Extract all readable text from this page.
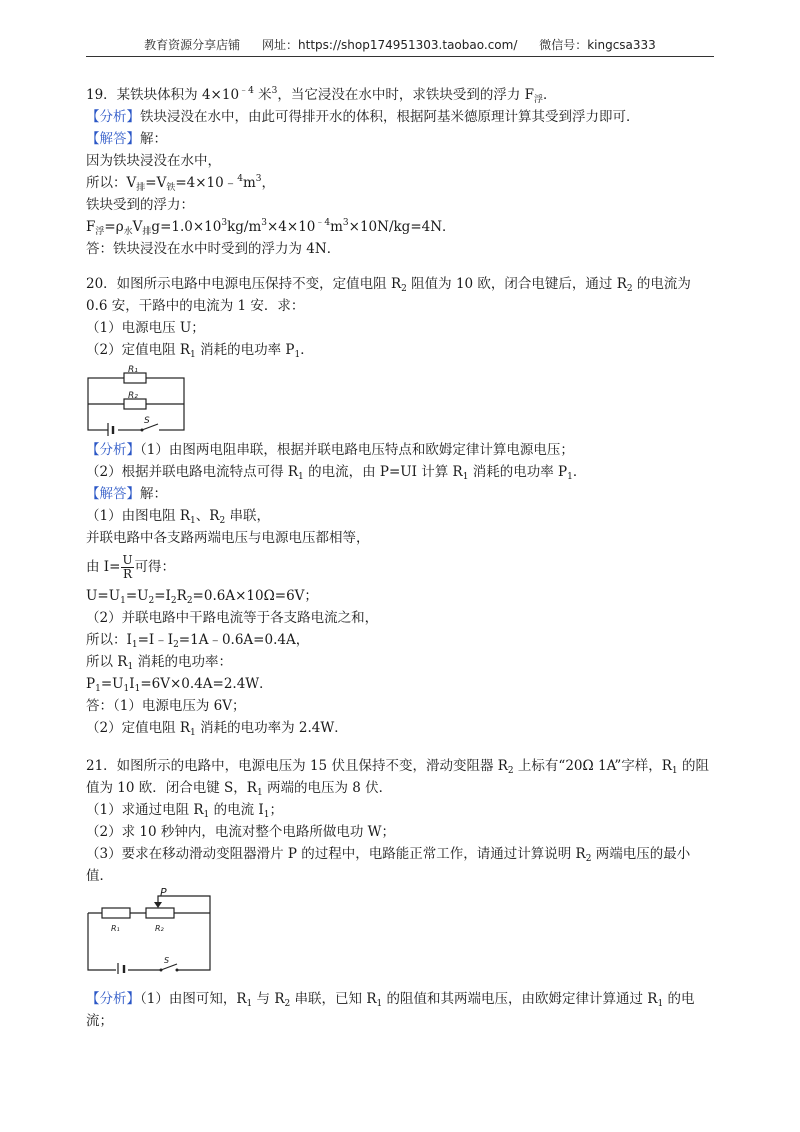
教育资源分享店铺 网址：https://shop174951303.taobao.com/ 微信号：kingcsa333
19．某铁块体积为 $4\times 10^{﹣4}$ 米$^3$，当它浸没在水中时，求铁块受到的浮力 $F_浮$．
【分析】铁块浸没在水中，由此可得排开水的体积，根据阿基米德原理计算其受到浮力即可．
【解答】解：
因为铁块浸没在水中，
所以：$V_排=V_铁=4\times 10﹣^4m^3$，
铁块受到的浮力：
$F_浮=\rho_水V_排g=1.0\times 10^3kg/m^3\times 4\times 10^{﹣4}m^3\times 10N/kg=4N$．
答：铁块浸没在水中时受到的浮力为 4N．
20．如图所示电路中电源电压保持不变，定值电阻 $R_2$ 阻值为 10 欧，闭合电键后，通过 $R_2$ 的电流为
0.6 安，干路中的电流为 1 安．求：
（1）电源电压 U；
（2）定值电阻 $R_1$ 消耗的电功率 $P_1$．
R₁
R₂
S
【分析】（1）由图两电阻串联，根据并联电路电压特点和欧姆定律计算电源电压；
（2）根据并联电路电流特点可得 $R_1$ 的电流，由 P=UI 计算 $R_1$ 消耗的电功率 $P_1$．
【解答】解：
（1）由图电阻 $R_1$、$R_2$ 串联，
并联电路中各支路两端电压与电源电压都相等，
由 $I= \frac{U}{R}$ 可得：
$U=U_1=U_2=I_2R_2=0.6A\times 10\Omega=6V$；
（2）并联电路中干路电流等于各支路电流之和，
所以：$I_1=I﹣I_2=1A﹣0.6A=0.4A$，
所以 $R_1$ 消耗的电功率：
$P_1=U_1I_1=6V\times 0.4A=2.4W$．
答：（1）电源电压为 6V；
（2）定值电阻 $R_1$ 消耗的电功率为 2.4W．
21．如图所示的电路中，电源电压为 15 伏且保持不变，滑动变阻器 $R_2$ 上标有“20Ω 1A”字样，$R_1$ 的阻
值为 10 欧．闭合电键 S，$R_1$ 两端的电压为 8 伏．
（1）求通过电阻 $R_1$ 的电流 $I_1$；
（2）求 10 秒钟内，电流对整个电路所做电功 W；
（3）要求在移动滑动变阻器滑片 P 的过程中，电路能正常工作，请通过计算说明 $R_2$ 两端电压的最小
值．
P
R₁	R₂
S
【分析】（1）由图可知，$R_1$ 与 $R_2$ 串联，已知 $R_1$ 的阻值和其两端电压，由欧姆定律计算通过 $R_1$ 的电
流；
